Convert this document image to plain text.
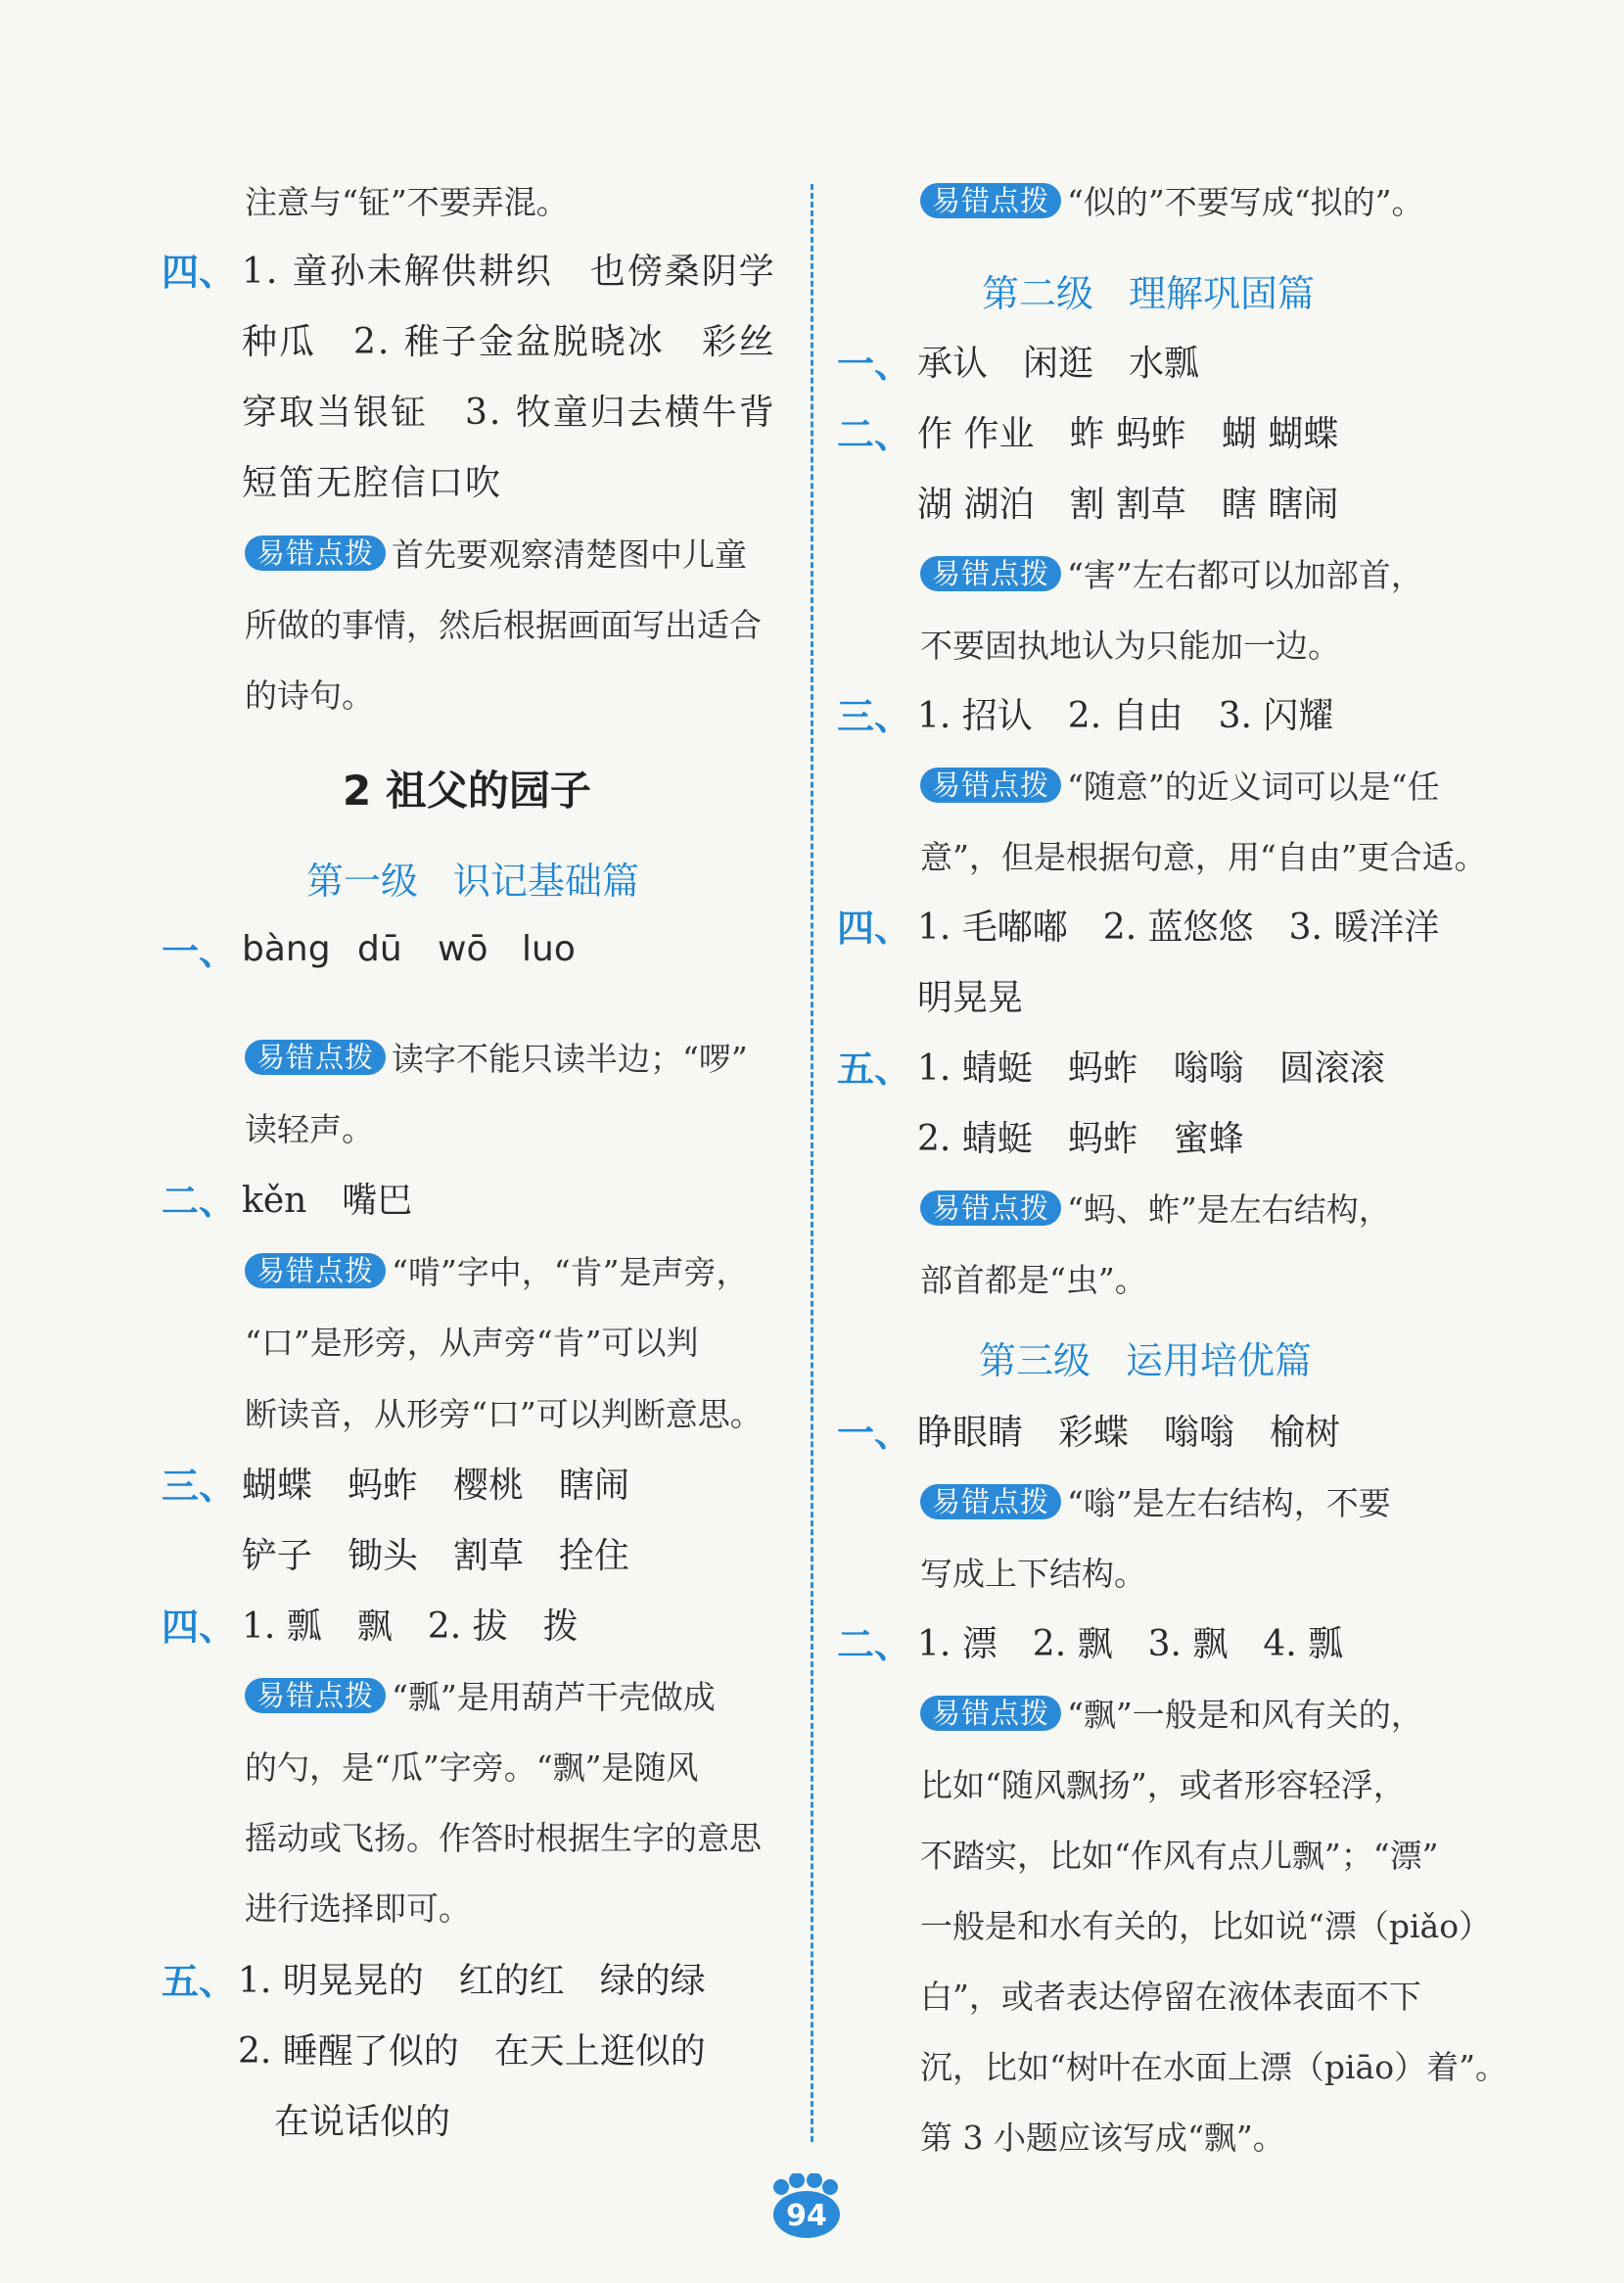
注意与“钲”不要弄混。
四、 1. 童孙未解供耕织　也傍桑阴学
种瓜　2. 稚子金盆脱晓冰　彩丝
穿取当银钲　3. 牧童归去横牛背
短笛无腔信口吹
易错点拨 首先要观察清楚图中儿童
所做的事情，然后根据画面写出适合
的诗句。
2 祖父的园子
第一级 识记基础篇
一、 bàng dū wō luo
易错点拨 读字不能只读半边；“啰”
读轻声。
二、 kěn　嘴巴
易错点拨 “啃”字中，“肯”是声旁，
“口”是形旁，从声旁“肯”可以判
断读音，从形旁“口”可以判断意思。
三、 蝴蝶　蚂蚱　樱桃　瞎闹
铲子　锄头　割草　拴住
四、 1. 瓢　飘　2. 拔　拨
易错点拨 “瓢”是用葫芦干壳做成
的勺，是“瓜”字旁。“飘”是随风
摇动或飞扬。作答时根据生字的意思
进行选择即可。
五、 1. 明晃晃的　红的红　绿的绿
2. 睡醒了似的　在天上逛似的
在说话似的
易错点拨 “似的”不要写成“拟的”。
第二级 理解巩固篇
一、 承认　闲逛　水瓢
二、 作 作业　蚱 蚂蚱　蝴 蝴蝶
湖 湖泊　割 割草　瞎 瞎闹
易错点拨 “害”左右都可以加部首，
不要固执地认为只能加一边。
三、 1. 招认　2. 自由　3. 闪耀
易错点拨 “随意”的近义词可以是“任
意”，但是根据句意，用“自由”更合适。
四、 1. 毛嘟嘟　2. 蓝悠悠　3. 暖洋洋
明晃晃
五、 1. 蜻蜓　蚂蚱　嗡嗡　圆滚滚
2. 蜻蜓　蚂蚱　蜜蜂
易错点拨 “蚂、蚱”是左右结构，
部首都是“虫”。
第三级 运用培优篇
一、 睁眼睛　彩蝶　嗡嗡　榆树
易错点拨 “嗡”是左右结构，不要
写成上下结构。
二、 1. 漂　2. 飘　3. 飘　4. 瓢
易错点拨 “飘”一般是和风有关的，
比如“随风飘扬”，或者形容轻浮，
不踏实，比如“作风有点儿飘”；“漂”
一般是和水有关的，比如说“漂（piǎo）
白”，或者表达停留在液体表面不下
沉，比如“树叶在水面上漂（piāo）着”。
第 3 小题应该写成“飘”。
94
